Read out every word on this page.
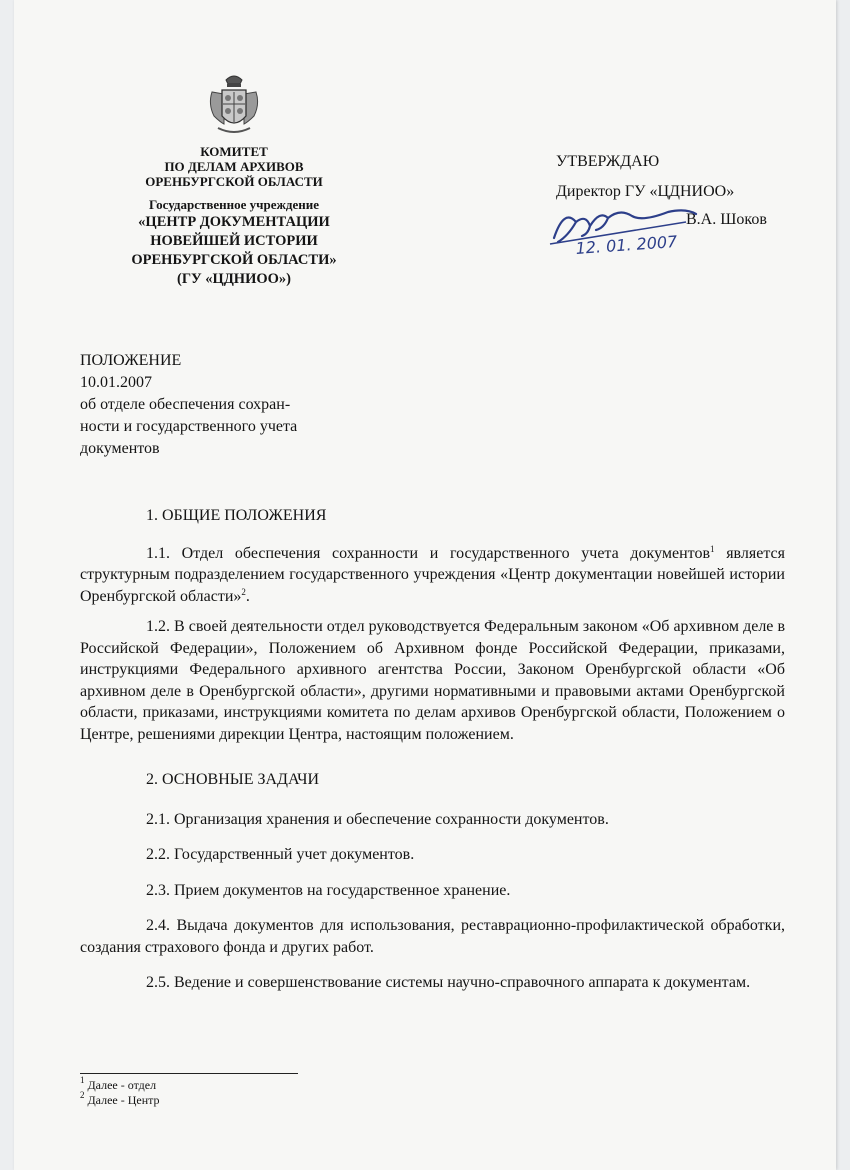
КОМИТЕТ
ПО ДЕЛАМ АРХИВОВ
ОРЕНБУРГСКОЙ ОБЛАСТИ
Государственное учреждение
«ЦЕНТР ДОКУМЕНТАЦИИ
НОВЕЙШЕЙ ИСТОРИИ
ОРЕНБУРГСКОЙ ОБЛАСТИ»
(ГУ «ЦДНИОО»)
УТВЕРЖДАЮ
Директор ГУ «ЦДНИОО»
В.А. Шоков
12. 01. 2007
ПОЛОЖЕНИЕ
10.01.2007
об отделе обеспечения сохран-
ности и государственного учета
документов

1. ОБЩИЕ ПОЛОЖЕНИЯ

1.1. Отдел обеспечения сохранности и государственного учета документов$^1$ является структурным подразделением государственного учреждения «Центр документации новейшей истории Оренбургской области»$^2$.

1.2. В своей деятельности отдел руководствуется Федеральным законом «Об архивном деле в Российской Федерации», Положением об Архивном фонде Российской Федерации, приказами, инструкциями Федерального архивного агентства России, Законом Оренбургской области «Об архивном деле в Оренбургской области», другими нормативными и правовыми актами Оренбургской области, приказами, инструкциями комитета по делам архивов Оренбургской области, Положением о Центре, решениями дирекции Центра, настоящим положением.

2. ОСНОВНЫЕ ЗАДАЧИ

2.1. Организация хранения и обеспечение сохранности документов.

2.2. Государственный учет документов.

2.3. Прием документов на государственное хранение.

2.4. Выдача документов для использования, реставрационно-профилактической обработки, создания страхового фонда и других работ.

2.5. Ведение и совершенствование системы научно-справочного аппарата к документам.

$^1$ Далее - отдел
$^2$ Далее - Центр
